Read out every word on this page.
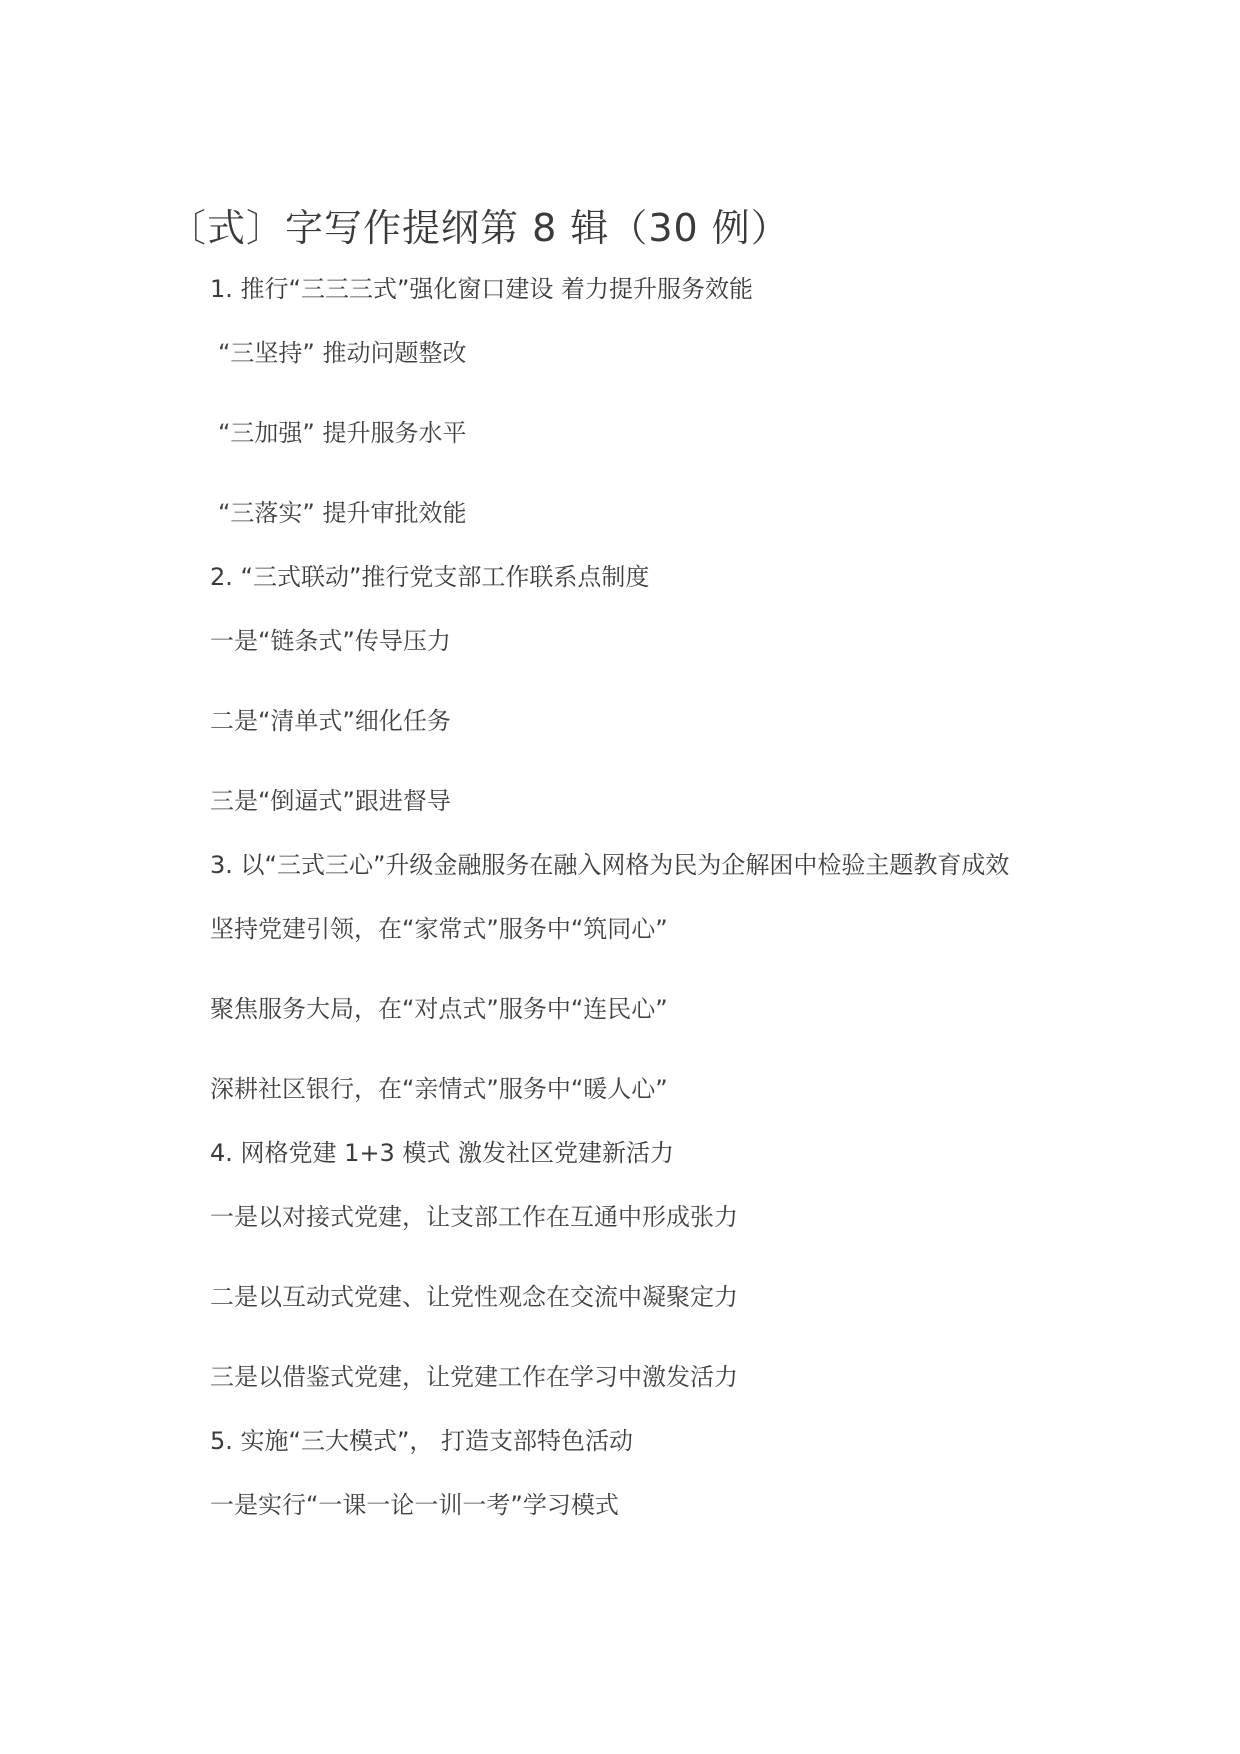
〔式〕字写作提纲第 8 辑（30 例）
1. 推行“三三三式”强化窗口建设 着力提升服务效能
“三坚持” 推动问题整改
“三加强” 提升服务水平
“三落实” 提升审批效能
2. “三式联动”推行党支部工作联系点制度
一是“链条式”传导压力
二是“清单式”细化任务
三是“倒逼式”跟进督导
3. 以“三式三心”升级金融服务在融入网格为民为企解困中检验主题教育成效
坚持党建引领，在“家常式”服务中“筑同心”
聚焦服务大局，在“对点式”服务中“连民心”
深耕社区银行，在“亲情式”服务中“暖人心”
4. 网格党建 1+3 模式 激发社区党建新活力
一是以对接式党建，让支部工作在互通中形成张力
二是以互动式党建、让党性观念在交流中凝聚定力
三是以借鉴式党建，让党建工作在学习中激发活力
5. 实施“三大模式”， 打造支部特色活动
一是实行“一课一论一训一考”学习模式
